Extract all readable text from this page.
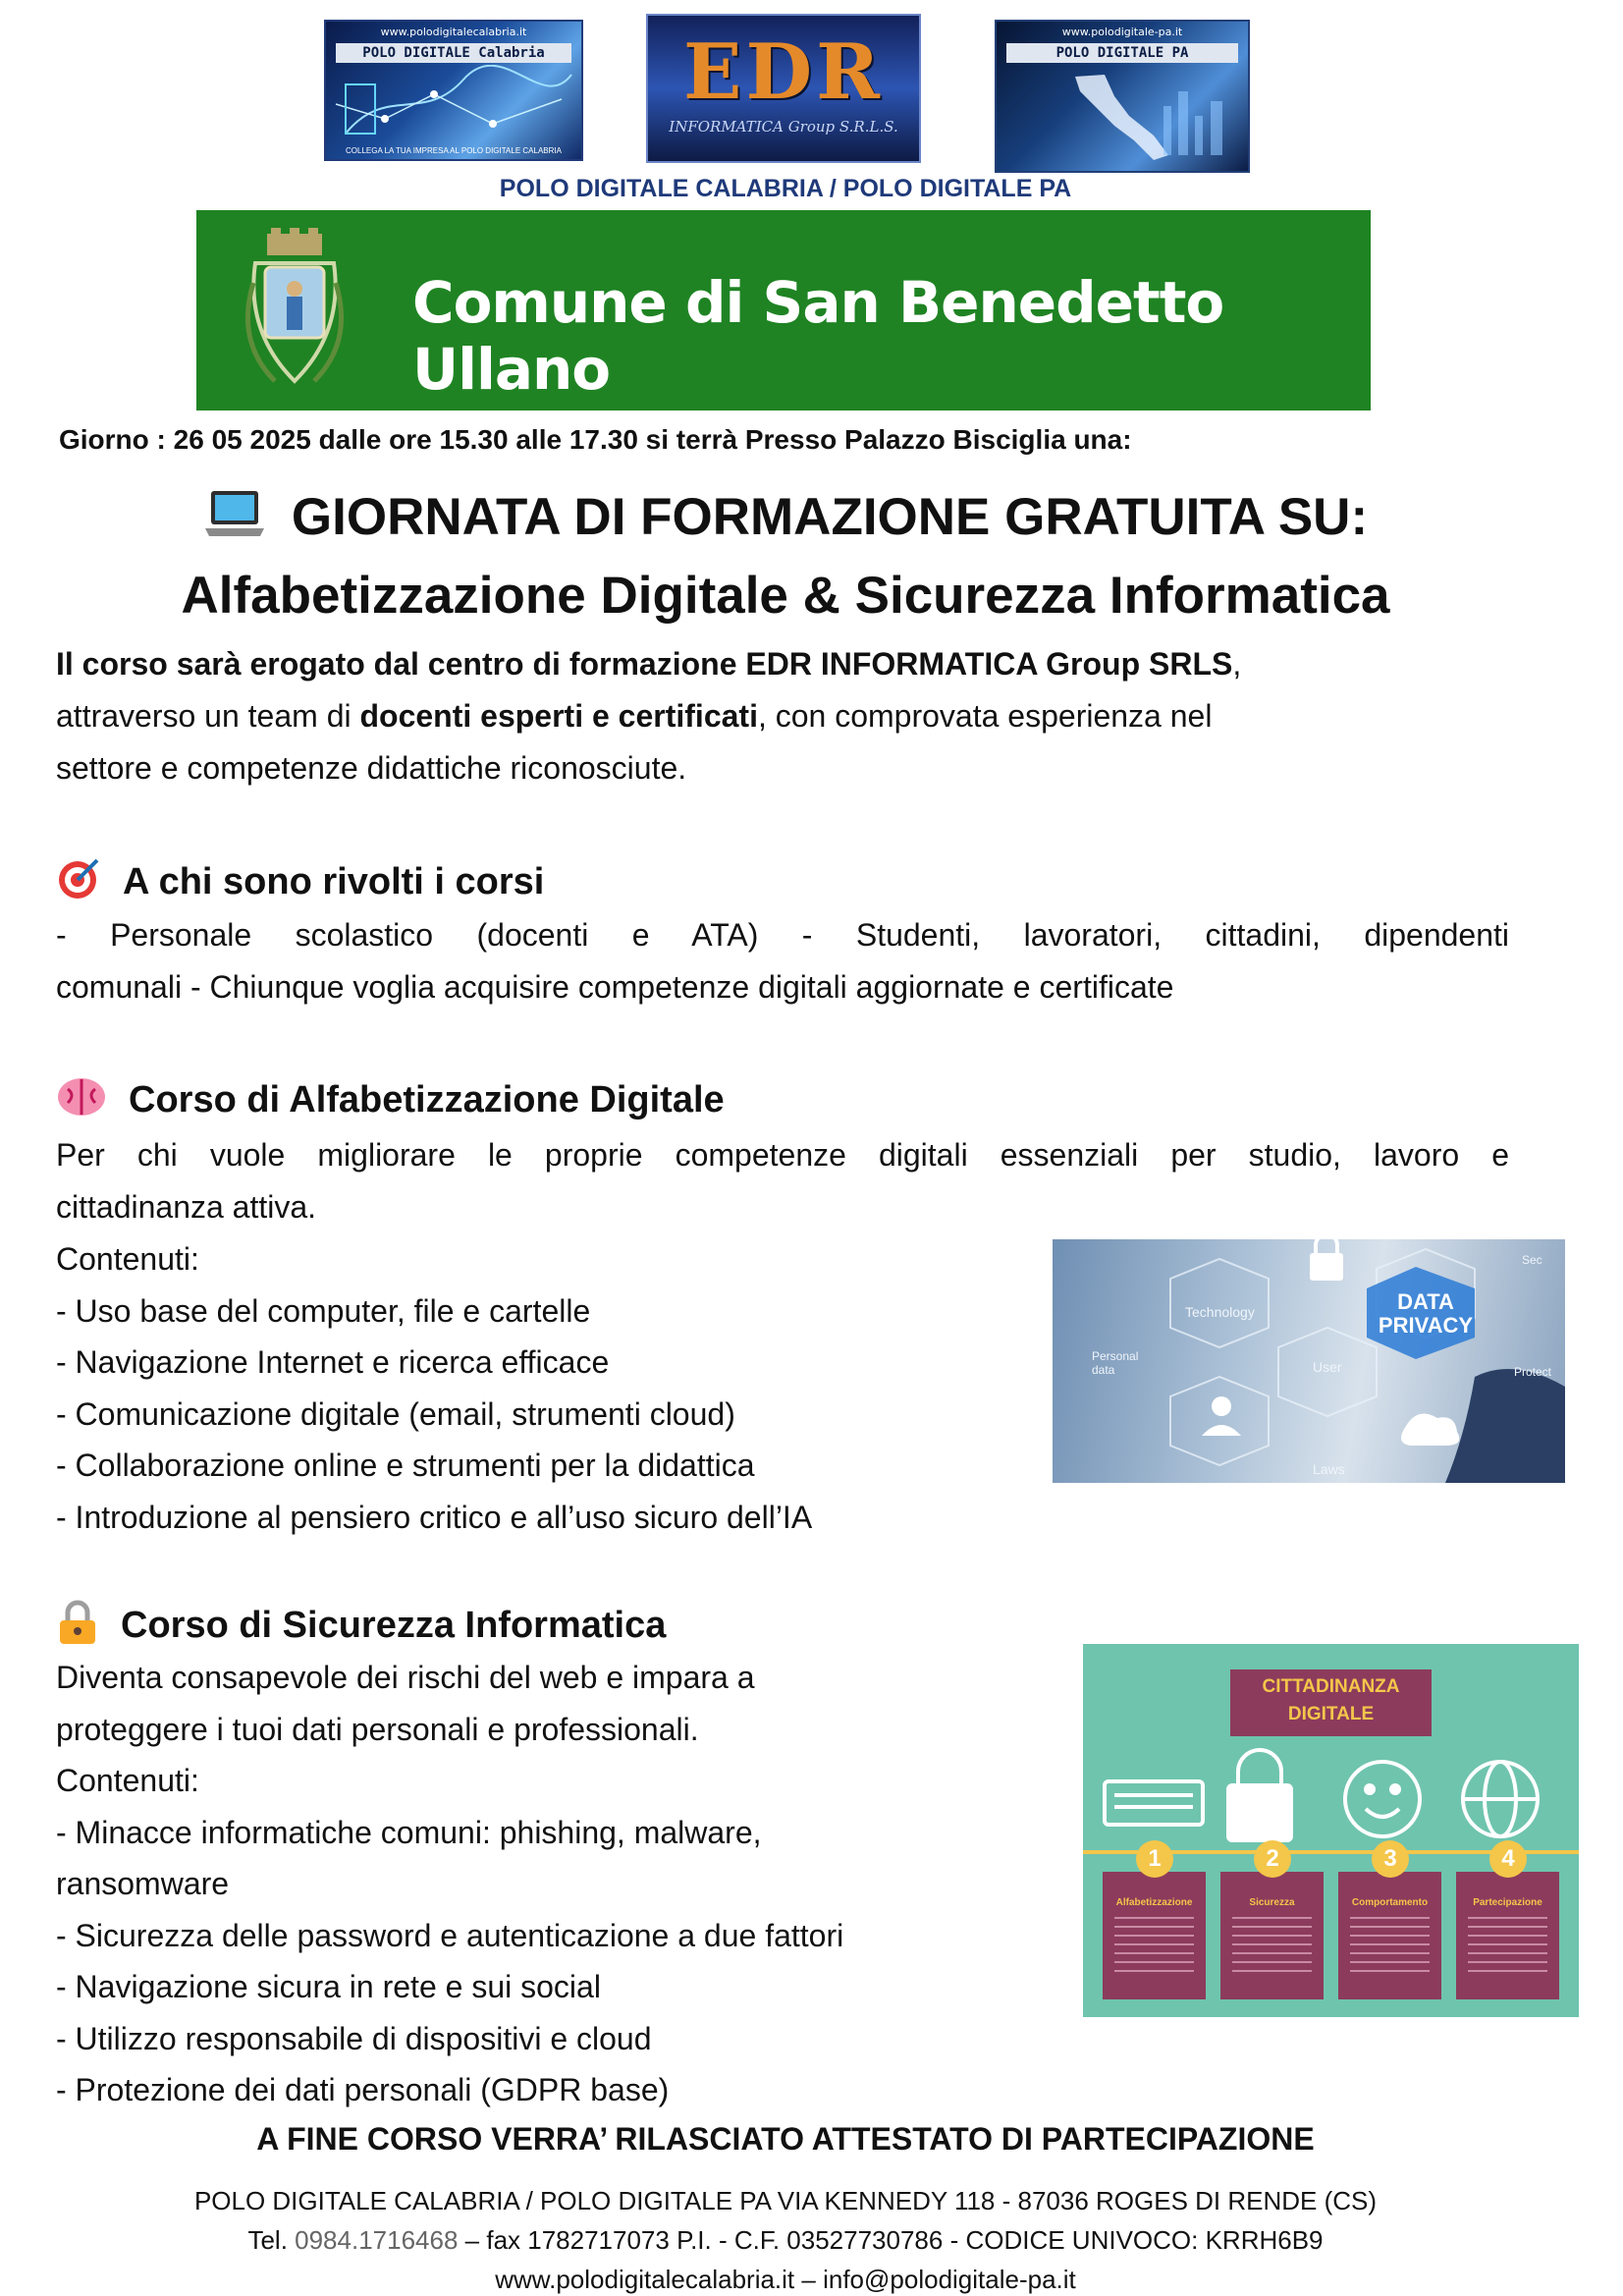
www.polodigitalecalabria.it
POLO DIGITALE Calabria
COLLEGA LA TUA IMPRESA AL POLO DIGITALE CALABRIA
EDR
INFORMATICA Group S.R.L.S.
www.polodigitale-pa.it
POLO DIGITALE PA
POLO DIGITALE CALABRIA / POLO DIGITALE PA
Comune di San Benedetto Ullano
Giorno : 26 05 2025 dalle ore 15.30 alle 17.30 si terrà Presso Palazzo Bisciglia una:
GIORNATA DI FORMAZIONE GRATUITA SU:
Alfabetizzazione Digitale & Sicurezza Informatica
Il corso sarà erogato dal centro di formazione EDR INFORMATICA Group SRLS,
attraverso un team di docenti esperti e certificati, con comprovata esperienza nel
settore e competenze didattiche riconosciute.
A chi sono rivolti i corsi
- Personale scolastico (docenti e ATA) - Studenti, lavoratori, cittadini, dipendenti
comunali - Chiunque voglia acquisire competenze digitali aggiornate e certificate
Corso di Alfabetizzazione Digitale
Per chi vuole migliorare le proprie competenze digitali essenziali per studio, lavoro e
cittadinanza attiva.
Contenuti:
- Uso base del computer, file e cartelle
- Navigazione Internet e ricerca efficace
- Comunicazione digitale (email, strumenti cloud)
- Collaborazione online e strumenti per la didattica
- Introduzione al pensiero critico e all’uso sicuro dell’IA
DATA
PRIVACY
Technology
Personal data	User
Laws
Sec
Protect
Corso di Sicurezza Informatica
Diventa consapevole dei rischi del web e impara a
proteggere i tuoi dati personali e professionali.
Contenuti:
- Minacce informatiche comuni: phishing, malware,
ransomware
- Sicurezza delle password e autenticazione a due fattori
- Navigazione sicura in rete e sui social
- Utilizzo responsabile di dispositivi e cloud
- Protezione dei dati personali (GDPR base)
CITTADINANZA
DIGITALE
1
Alfabetizzazione
2
Sicurezza
3
Comportamento
4
Partecipazione
A FINE CORSO VERRA’ RILASCIATO ATTESTATO DI PARTECIPAZIONE
POLO DIGITALE CALABRIA / POLO DIGITALE PA VIA KENNEDY 118 - 87036 ROGES DI RENDE (CS)
Tel. 0984.1716468 – fax 1782717073 P.I. - C.F. 03527730786 - CODICE UNIVOCO: KRRH6B9
www.polodigitalecalabria.it – info@polodigitale-pa.it
